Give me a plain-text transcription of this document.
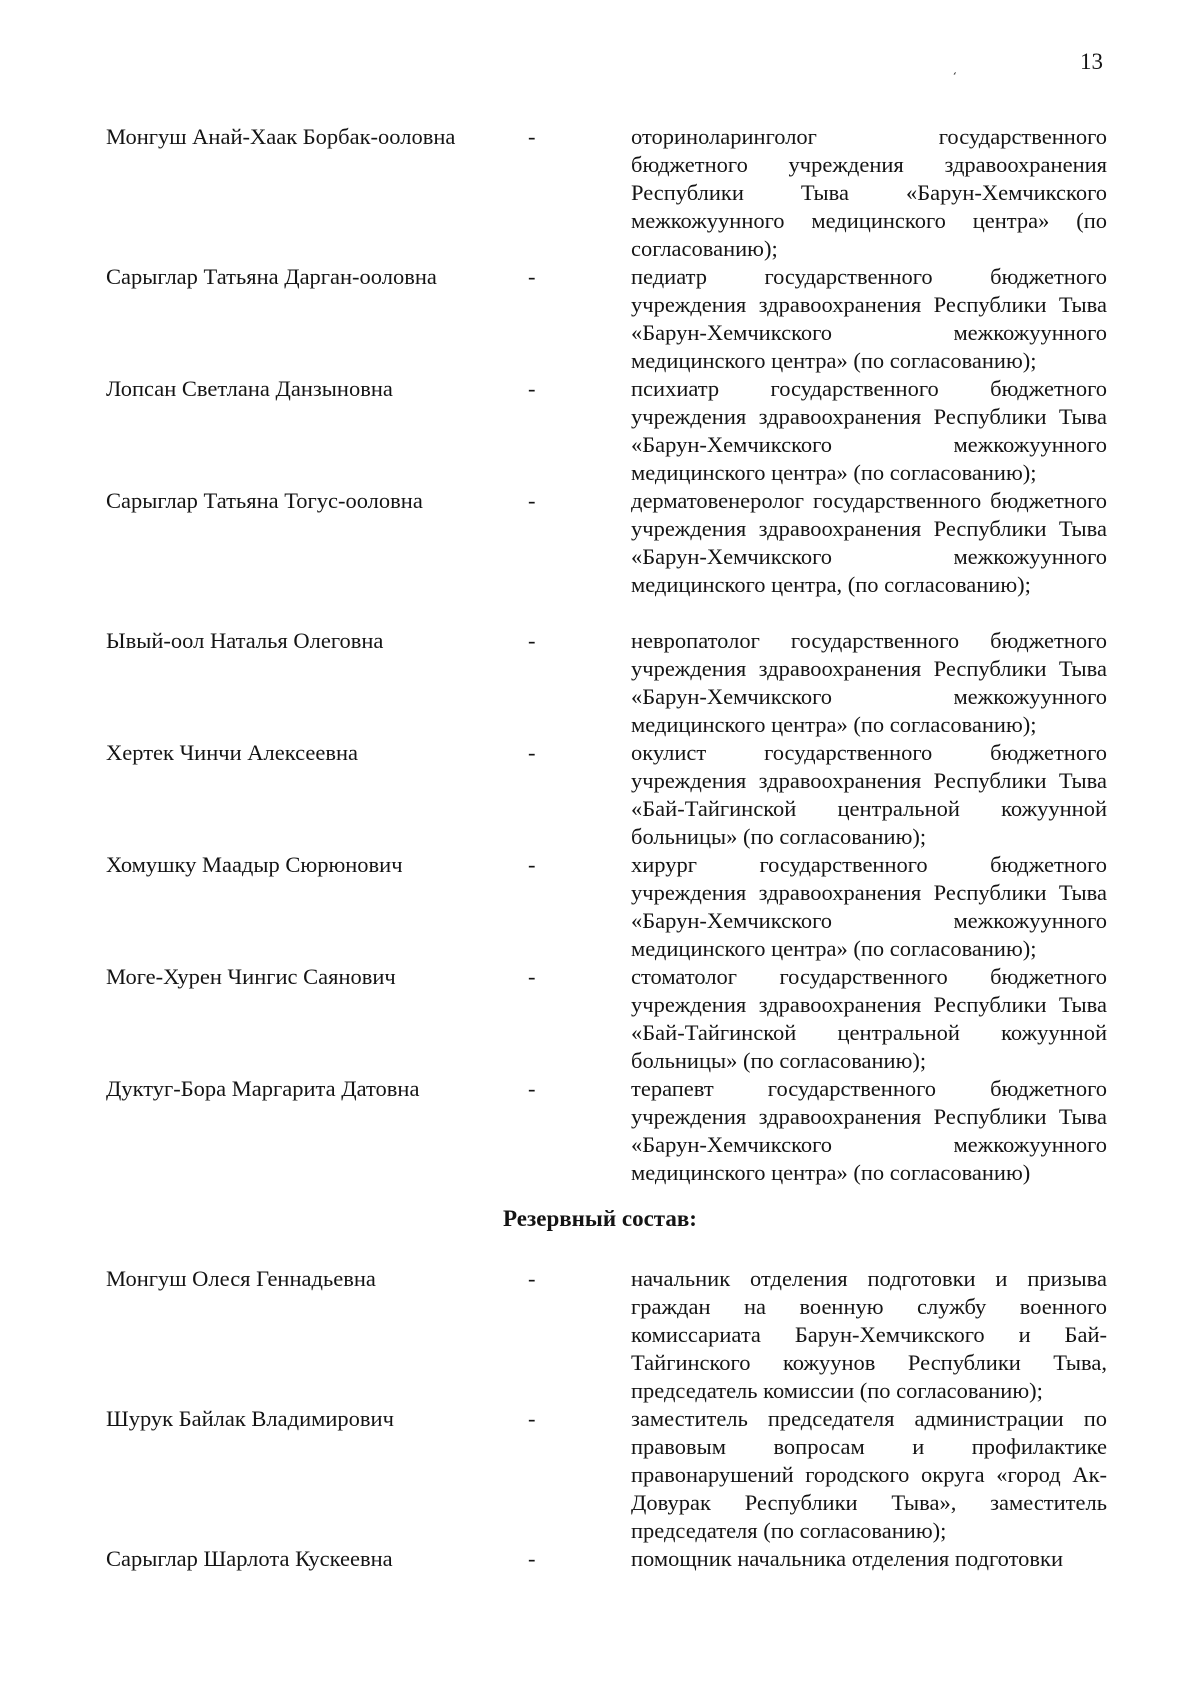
13
͵
Монгуш Анай-Хаак Борбак-ооловна	-	оториноларинголог государственного бюджетного учреждения здравоохранения Республики Тыва «Барун-Хемчикского межкожуунного медицинского центра» (по согласованию);
Сарыглар Татьяна Дарган-ооловна	-	педиатр государственного бюджетного учреждения здравоохранения Республики Тыва «Барун-Хемчикского межкожуунного медицинского центра» (по согласованию);
Лопсан Светлана Данзыновна	-	психиатр государственного бюджетного учреждения здравоохранения Республики Тыва «Барун-Хемчикского межкожуунного медицинского центра» (по согласованию);
Сарыглар Татьяна Тогус-ооловна	-	дерматовенеролог государственного бюджетного учреждения здравоохранения Республики Тыва «Барун-Хемчикского межкожуунного медицинского центра, (по согласованию);
Ывый-оол Наталья Олеговна	-	невропатолог государственного бюджетного учреждения здравоохранения Республики Тыва «Барун-Хемчикского межкожуунного медицинского центра» (по согласованию);
Хертек Чинчи Алексеевна	-	окулист государственного бюджетного учреждения здравоохранения Республики Тыва «Бай-Тайгинской центральной кожуунной больницы» (по согласованию);
Хомушку Маадыр Сюрюнович	-	хирург государственного бюджетного учреждения здравоохранения Республики Тыва «Барун-Хемчикского межкожуунного медицинского центра» (по согласованию);
Моге-Хурен Чингис Саянович	-	стоматолог государственного бюджетного учреждения здравоохранения Республики Тыва «Бай-Тайгинской центральной кожуунной больницы» (по согласованию);
Дуктуг-Бора Маргарита Датовна	-	терапевт государственного бюджетного учреждения здравоохранения Республики Тыва «Барун-Хемчикского межкожуунного медицинского центра» (по согласованию)
Резервный состав:
Монгуш Олеся Геннадьевна	-	начальник отделения подготовки и призыва граждан на военную службу военного комиссариата Барун-Хемчикского и Бай-Тайгинского кожуунов Республики Тыва, председатель комиссии (по согласованию);
Шурук Байлак Владимирович	-	заместитель председателя администрации по правовым вопросам и профилактике правонарушений городского округа «город Ак-Довурак Республики Тыва», заместитель председателя (по согласованию);
Сарыглар Шарлота Кускеевна	-	помощник начальника отделения подготовки
